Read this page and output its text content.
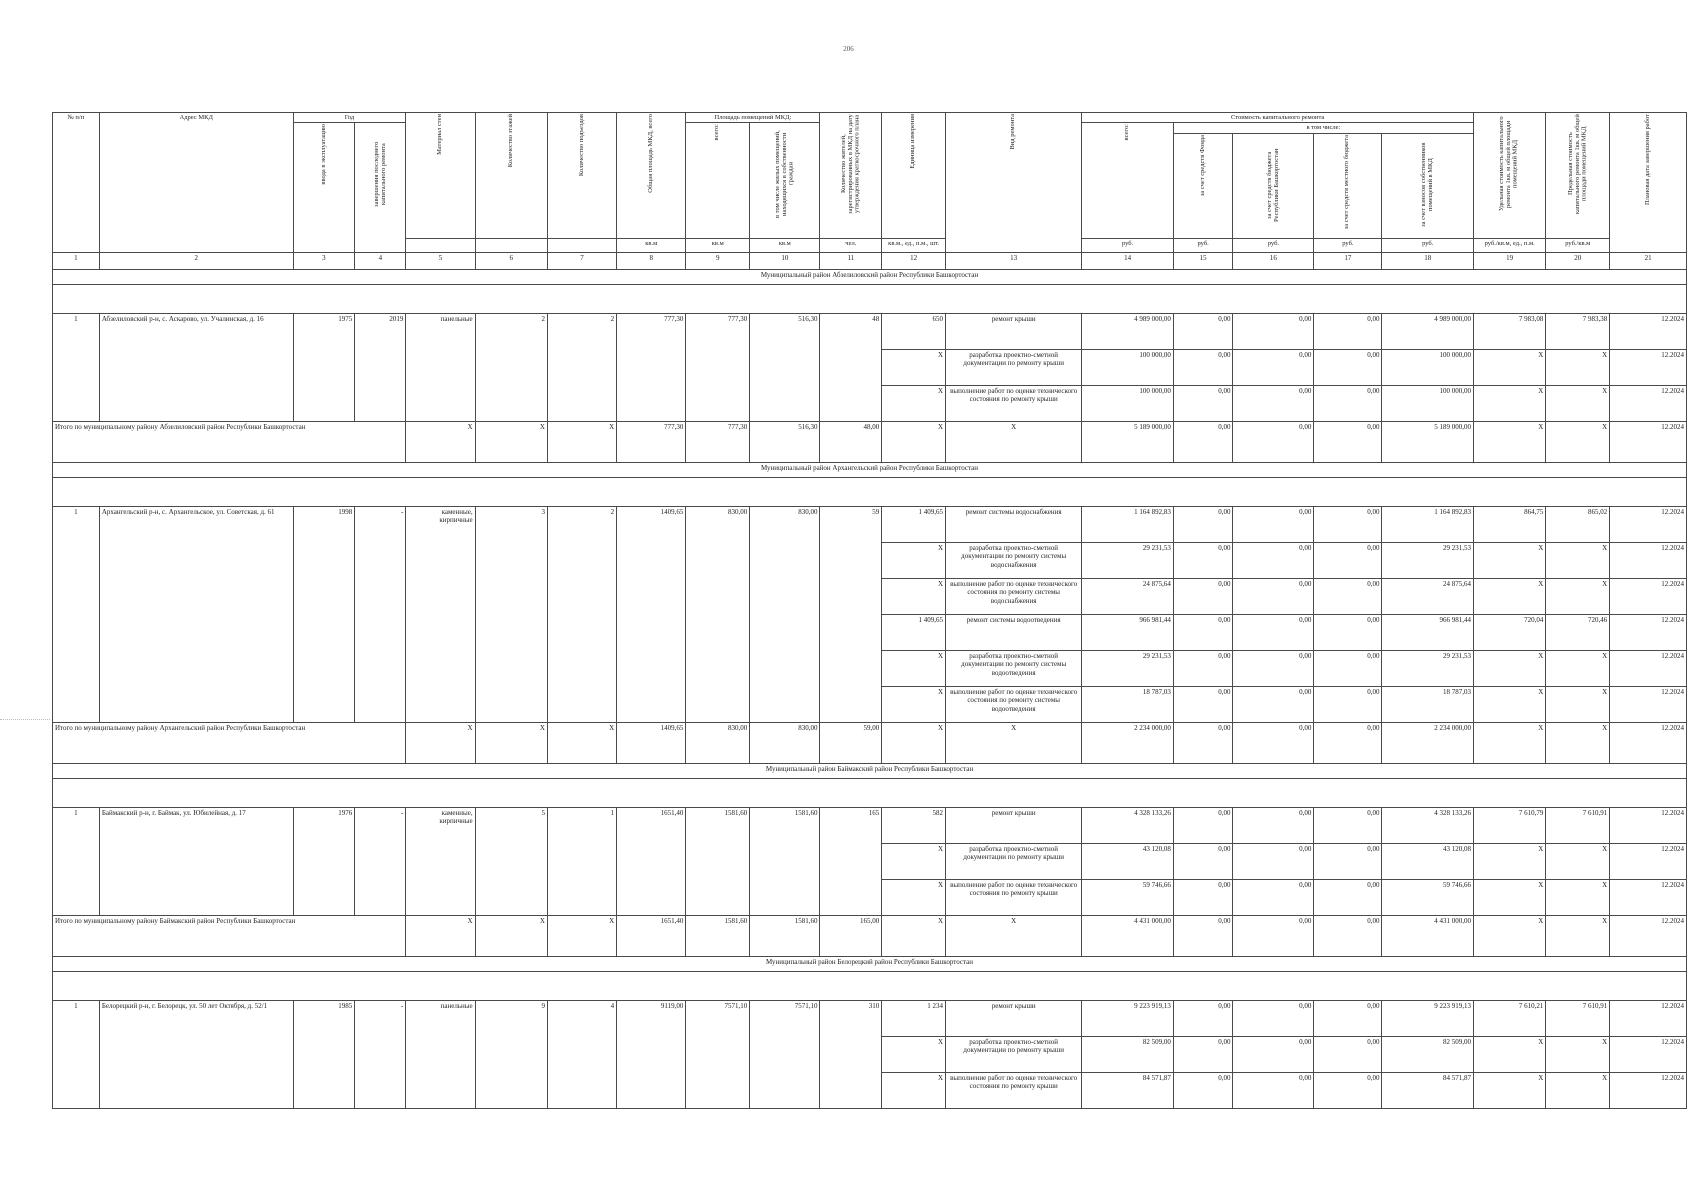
206
№ п/п	Адрес МКД	Год		Материал стен	Количество этажей	Количество подъездов	Общая площадь МКД, всего	Площадь помещений МКД:		Количество жителей, зарегистрированных в МКД на дату утверждения краткосрочного плана	Единица измерения	Вид ремонта	Стоимость капитального ремонта					Удельная стоимость капитального ремонта 1кв. м общей площади помещений МКД	Предельная стоимость капитального ремонта 1кв. м общей площади помещений МКД	Плановая дата завершения работ
		ввода в эксплуатацию	завершения последнего капитального ремонта					всего:	в том числе жилых помещений, находящихся в собственности граждан				всего:	в том числе:						
														за счет средств Фонда	за счет средств бюджета Республики Башкортостан	за счет средств местного бюджета	за счет взносов собственников помещений в МКД			
							кв.м	кв.м	кв.м	чел.	кв.м., ед., п.м., шт.		руб.	руб.	руб.	руб.	руб.	руб./кв.м, ед., п.м.	руб./кв.м	
1	2	3	4	5	6	7	8	9	10	11	12	13	14	15	16	17	18	19	20	21
Муниципальный район Абзелиловский район Республики Башкортостан																				

1	Абзелиловский р-н, с. Аскарово, ул. Учалинская, д. 16	1975	2019	панельные	2	2	777,30	777,30	516,30	48	650	ремонт крыши	4 989 000,00	0,00	0,00	0,00	4 989 000,00	7 983,08	7 983,38	12.2024
											X	разработка проектно-сметной документации по ремонту крыши	100 000,00	0,00	0,00	0,00	100 000,00	X	X	12.2024
											X	выполнение работ по оценке технического состояния по ремонту крыши	100 000,00	0,00	0,00	0,00	100 000,00	X	X	12.2024
Итого по муниципальному району Абзелиловский район Республики Башкортостан				X	X	X	777,30	777,30	516,30	48,00	X	X	5 189 000,00	0,00	0,00	0,00	5 189 000,00	X	X	12.2024
Муниципальный район Архангельский район Республики Башкортостан																				

1	Архангельский р-н, с. Архангельское, ул. Советская, д. 61	1998	-	каменные, кирпичные	3	2	1409,65	830,00	830,00	59	1 409,65	ремонт системы водоснабжения	1 164 892,83	0,00	0,00	0,00	1 164 892,83	864,75	865,02	12.2024
											X	разработка проектно-сметной документации по ремонту системы водоснабжения	29 231,53	0,00	0,00	0,00	29 231,53	X	X	12.2024
											X	выполнение работ по оценке технического состояния по ремонту системы водоснабжения	24 875,64	0,00	0,00	0,00	24 875,64	X	X	12.2024
											1 409,65	ремонт системы водоотведения	966 981,44	0,00	0,00	0,00	966 981,44	720,04	720,46	12.2024
											X	разработка проектно-сметной документации по ремонту системы водоотведения	29 231,53	0,00	0,00	0,00	29 231,53	X	X	12.2024
											X	выполнение работ по оценке технического состояния по ремонту системы водоотведения	18 787,03	0,00	0,00	0,00	18 787,03	X	X	12.2024
Итого по муниципальному району Архангельский район Республики Башкортостан				X	X	X	1409,65	830,00	830,00	59,00	X	X	2 234 000,00	0,00	0,00	0,00	2 234 000,00	X	X	12.2024
Муниципальный район Баймакский район Республики Башкортостан																				

1	Баймакский р-н, г. Баймак, ул. Юбилейная, д. 17	1976	-	каменные, кирпичные	5	1	1651,40	1581,60	1581,60	165	582	ремонт крыши	4 328 133,26	0,00	0,00	0,00	4 328 133,26	7 610,79	7 610,91	12.2024
											X	разработка проектно-сметной документации по ремонту крыши	43 120,08	0,00	0,00	0,00	43 120,08	X	X	12.2024
											X	выполнение работ по оценке технического состояния по ремонту крыши	59 746,66	0,00	0,00	0,00	59 746,66	X	X	12.2024
Итого по муниципальному району Баймакский район Республики Башкортостан				X	X	X	1651,40	1581,60	1581,60	165,00	X	X	4 431 000,00	0,00	0,00	0,00	4 431 000,00	X	X	12.2024
Муниципальный район Белорецкий район Республики Башкортостан																				

1	Белорецкий р-н, г. Белорецк, ул. 50 лет Октября, д. 52/1	1985	-	панельные	9	4	9119,00	7571,10	7571,10	310	1 234	ремонт крыши	9 223 919,13	0,00	0,00	0,00	9 223 919,13	7 610,21	7 610,91	12.2024
											X	разработка проектно-сметной документации по ремонту крыши	82 509,00	0,00	0,00	0,00	82 509,00	X	X	12.2024
											X	выполнение работ по оценке технического состояния по ремонту крыши	84 571,87	0,00	0,00	0,00	84 571,87	X	X	12.2024
